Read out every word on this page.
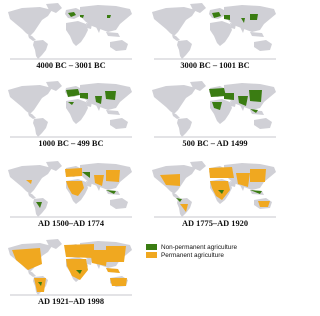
4000 BC – 3001 BC	3000 BC – 1001 BC
1000 BC – 499 BC	500 BC – AD 1499
AD 1500–AD 1774	AD 1775–AD 1920
AD 1921–AD 1998
Non-permanent agriculture
Permanent agriculture
